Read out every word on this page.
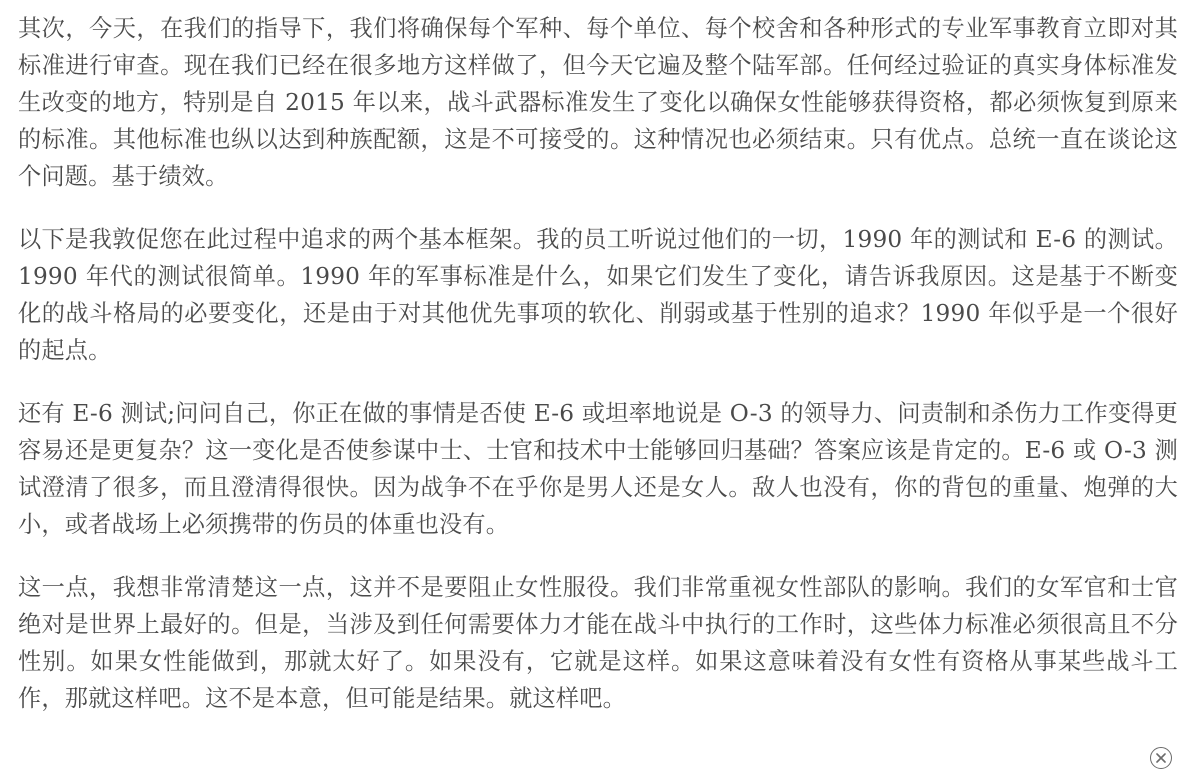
其次，今天，在我们的指导下，我们将确保每个军种、每个单位、每个校舍和各种形式的专业军事教育立即对其标准进行审查。现在我们已经在很多地方这样做了，但今天它遍及整个陆军部。任何经过验证的真实身体标准发生改变的地方，特别是自 2015 年以来，战斗武器标准发生了变化以确保女性能够获得资格，都必须恢复到原来的标准。其他标准也纵以达到种族配额，这是不可接受的。这种情况也必须结束。只有优点。总统一直在谈论这个问题。基于绩效。

以下是我敦促您在此过程中追求的两个基本框架。我的员工听说过他们的一切，1990 年的测试和 E-6 的测试。1990 年代的测试很简单。1990 年的军事标准是什么，如果它们发生了变化，请告诉我原因。这是基于不断变化的战斗格局的必要变化，还是由于对其他优先事项的软化、削弱或基于性别的追求？1990 年似乎是一个很好的起点。

还有 E-6 测试;问问自己，你正在做的事情是否使 E-6 或坦率地说是 O-3 的领导力、问责制和杀伤力工作变得更容易还是更复杂？这一变化是否使参谋中士、士官和技术中士能够回归基础？答案应该是肯定的。E-6 或 O-3 测试澄清了很多，而且澄清得很快。因为战争不在乎你是男人还是女人。敌人也没有，你的背包的重量、炮弹的大小，或者战场上必须携带的伤员的体重也没有。

这一点，我想非常清楚这一点，这并不是要阻止女性服役。我们非常重视女性部队的影响。我们的女军官和士官绝对是世界上最好的。但是，当涉及到任何需要体力才能在战斗中执行的工作时，这些体力标准必须很高且不分性别。如果女性能做到，那就太好了。如果没有，它就是这样。如果这意味着没有女性有资格从事某些战斗工作，那就这样吧。这不是本意，但可能是结果。就这样吧。
